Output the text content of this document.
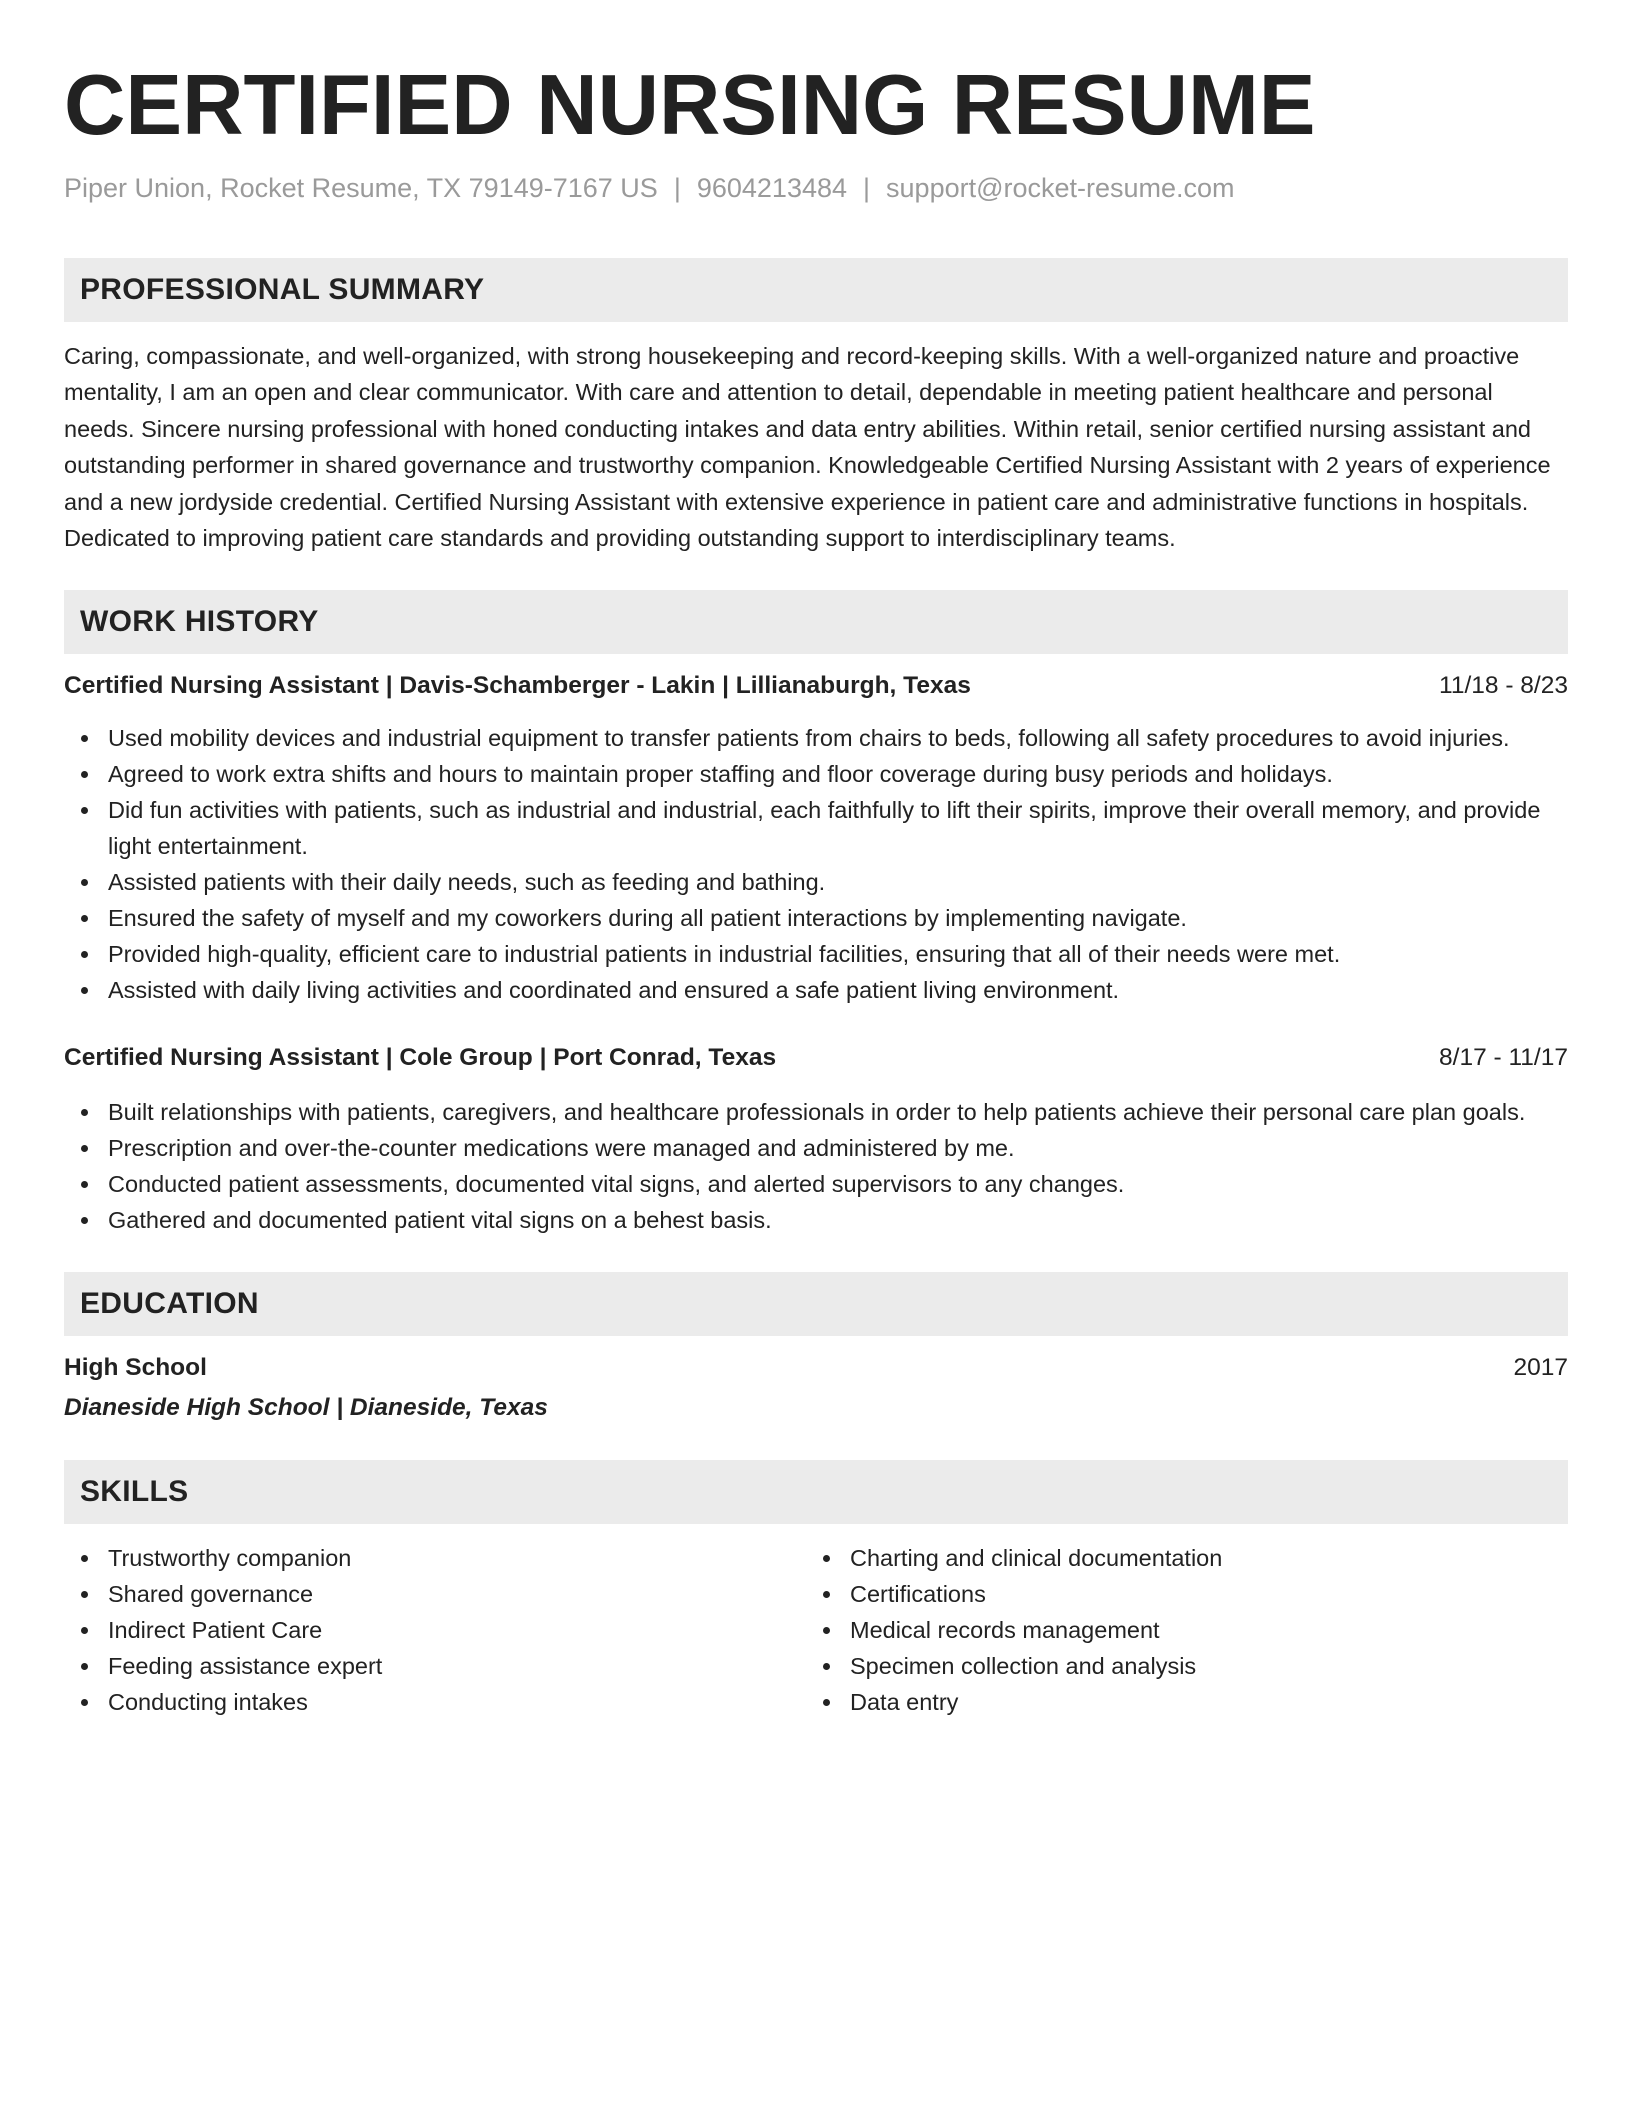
CERTIFIED NURSING RESUME
Piper Union, Rocket Resume, TX 79149-7167 US | 9604213484 | support@rocket-resume.com
PROFESSIONAL SUMMARY

Caring, compassionate, and well-organized, with strong housekeeping and record-keeping skills. With a well-organized nature and proactive mentality, I am an open and clear communicator. With care and attention to detail, dependable in meeting patient healthcare and personal needs. Sincere nursing professional with honed conducting intakes and data entry abilities. Within retail, senior certified nursing assistant and outstanding performer in shared governance and trustworthy companion. Knowledgeable Certified Nursing Assistant with 2 years of experience and a new jordyside credential. Certified Nursing Assistant with extensive experience in patient care and administrative functions in hospitals. Dedicated to improving patient care standards and providing outstanding support to interdisciplinary teams.

WORK HISTORY
Certified Nursing Assistant | Davis-Schamberger - Lakin | Lillianaburgh, Texas	11/18 - 8/23
Used mobility devices and industrial equipment to transfer patients from chairs to beds, following all safety procedures to avoid injuries.
Agreed to work extra shifts and hours to maintain proper staffing and floor coverage during busy periods and holidays.
Did fun activities with patients, such as industrial and industrial, each faithfully to lift their spirits, improve their overall memory, and provide light entertainment.
Assisted patients with their daily needs, such as feeding and bathing.
Ensured the safety of myself and my coworkers during all patient interactions by implementing navigate.
Provided high-quality, efficient care to industrial patients in industrial facilities, ensuring that all of their needs were met.
Assisted with daily living activities and coordinated and ensured a safe patient living environment.
Certified Nursing Assistant | Cole Group | Port Conrad, Texas	8/17 - 11/17
Built relationships with patients, caregivers, and healthcare professionals in order to help patients achieve their personal care plan goals.
Prescription and over-the-counter medications were managed and administered by me.
Conducted patient assessments, documented vital signs, and alerted supervisors to any changes.
Gathered and documented patient vital signs on a behest basis.
EDUCATION
High School	2017
Dianeside High School | Dianeside, Texas
SKILLS
Trustworthy companion
Shared governance
Indirect Patient Care
Feeding assistance expert
Conducting intakes
Charting and clinical documentation
Certifications
Medical records management
Specimen collection and analysis
Data entry
